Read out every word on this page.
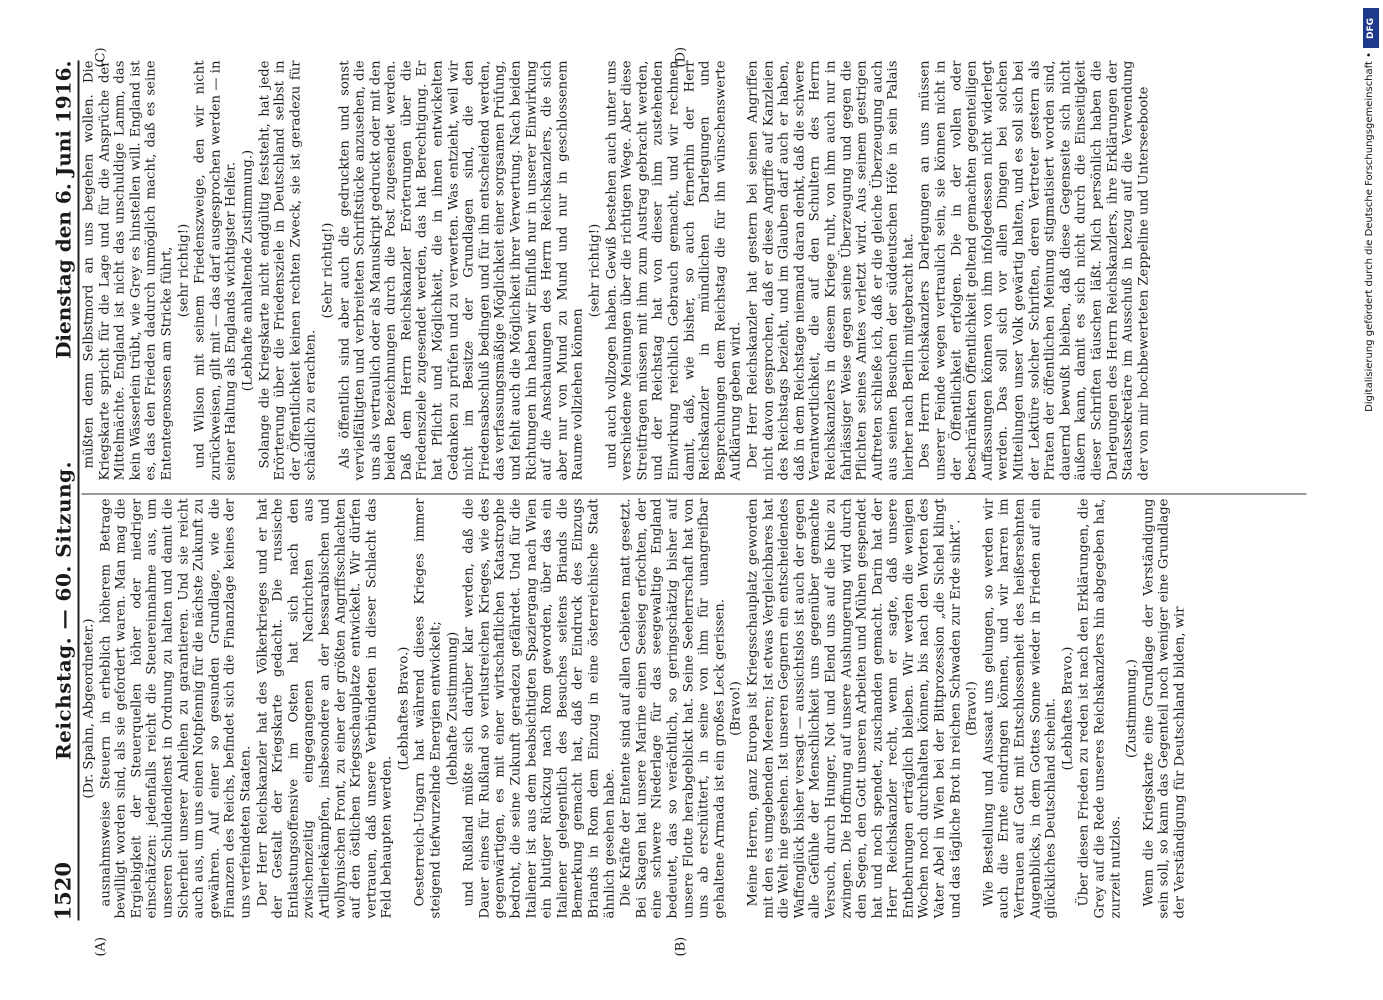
1520
Reichstag. — 60. Sitzung.
Dienstag den 6. Juni 1916.
(A)	(B)
(C)	(D)

(Dr. Spahn, Abgeordneter.) ausnahmsweise Steuern in erheblich höherem Betrage bewilligt worden sind, als sie gefordert waren. Man mag die Ergiebigkeit der Steuerquellen höher oder niedriger einschätzen: jedenfalls reicht die Steuereinnahme aus, um unseren Schuldendienst in Ordnung zu halten und damit die Sicherheit unserer Anleihen zu garantieren. Und sie reicht auch aus, um uns einen Notpfennig für die nächste Zukunft zu gewähren. Auf einer so gesunden Grundlage, wie die Finanzen des Reichs, befindet sich die Finanzlage keines der uns verfeindeten Staaten. Der Herr Reichskanzler hat des Völkerkrieges und er hat der Gestalt der Kriegskarte gedacht. Die russische Entlastungsoffensive im Osten hat sich nach den zwischenzeitig eingegangenen Nachrichten aus Artilleriekämpfen, insbesondere an der bessarabischen und wolhynischen Front, zu einer der größten Angriffsschlachten auf den östlichen Kriegsschauplatze entwickelt. Wir dürfen vertrauen, daß unsere Verbündeten in dieser Schlacht das Feld behaupten werden.

(Lebhaftes Bravo.) Oesterreich-Ungarn hat während dieses Krieges immer steigend tiefwurzelnde Energien entwickelt; (lebhafte Zustimmung) und Rußland müßte sich darüber klar werden, daß die Dauer eines für Rußland so verlustreichen Krieges, wie des gegenwärtigen, es mit einer wirtschaftlichen Katastrophe bedroht, die seine Zukunft geradezu gefährdet. Und für die Italiener ist aus dem beabsichtigten Spaziergang nach Wien ein blutiger Rückzug nach Rom geworden, über das ein Italiener gelegentlich des Besuches seitens Briands die Bemerkung gemacht hat, daß der Eindruck des Einzugs Briands in Rom dem Einzug in eine österreichische Stadt ähnlich gesehen habe. Die Kräfte der Entente sind auf allen Gebieten matt gesetzt. Bei Skagen hat unsere Marine einen Seesieg erfochten, der eine schwere Niederlage für das seegewaltige England bedeutet, das so verächtlich, so geringschätzig bisher auf unsere Flotte herabgeblickt hat. Seine Seeherrschaft hat von uns ab erschüttert, in seine von ihm für unangreifbar gehaltene Armada ist ein großes Leck gerissen. (Bravo!) Meine Herren, ganz Europa ist Kriegsschauplatz geworden mit den es umgebenden Meeren; Ist etwas Vergleichbares hat die Welt nie gesehen. Ist unseren Gegnern ein entscheidendes Waffenglück bisher versagt — aussichtslos ist auch der gegen alle Gefühle der Menschlichkeit uns gegenüber gemachte Versuch, durch Hunger, Not und Elend uns auf die Knie zu zwingen. Die Hoffnung auf unsere Aushungerung wird durch den Segen, den Gott unseren Arbeiten und Mühen gespendet hat und noch spendet, zuschanden gemacht. Darin hat der Herr Reichskanzler recht, wenn er sagte, daß unsere Entbehrungen erträglich bleiben. Wir werden die wenigen Wochen noch durchhalten können, bis nach den Worten des Vater Abel in Wien bei der Bittprozession „die Sichel klingt und das tägliche Brot in reichen Schwaden zur Erde sinkt“. (Bravo!) Wie Bestellung und Aussaat uns gelungen, so werden wir auch die Ernte eindringen können, und wir harren im Vertrauen auf Gott mit Entschlossenheit des heißersehnten Augenblicks, in dem Gottes Sonne wieder in Frieden auf ein glückliches Deutschland scheint. (Lebhaftes Bravo.) Über diesen Frieden zu reden ist nach den Erklärungen, die Grey auf die Rede unseres Reichskanzlers hin abgegeben hat, zurzeit nutzlos.

(Zustimmung.) Wenn die Kriegskarte eine Grundlage der Verständigung sein soll, so kann das Gegenteil noch weniger eine Grundlage der Verständigung für Deutschland bilden, wir

müßten denn Selbstmord an uns begehen wollen. Die Kriegskarte spricht für die Lage und für die Ansprüche der Mittelmächte. England ist nicht das unschuldige Lamm, das kein Wässerlein trübt, wie Grey es hinstellen will. England ist es, das den Frieden dadurch unmöglich macht, daß es seine Ententegenossen am Stricke führt, (sehr richtig!) und Wilson mit seinem Friedenszweige, den wir nicht zurückweisen, gilt mit — das darf ausgesprochen werden — in seiner Haltung als Englands wichtigster Helfer. (Lebhafte anhaltende Zustimmung.) Solange die Kriegskarte nicht endgültig feststeht, hat jede Erörterung über die Friedensziele in Deutschland selbst in der Öffentlichkeit keinen rechten Zweck, sie ist geradezu für schädlich zu erachten.

(Sehr richtig!) Als öffentlich sind aber auch die gedruckten und sonst vervielfältigten und verbreiteten Schriftstücke anzusehen, die uns als vertraulich oder als Manuskript gedruckt oder mit den beiden Bezeichnungen durch die Post zugesendet werden. Daß dem Herrn Reichskanzler Erörterungen über die Friedensziele zugesendet werden, das hat Berechtigung. Er hat Pflicht und Möglichkeit, die in ihnen entwickelten Gedanken zu prüfen und zu verwerten. Was entzieht, weil wir nicht im Besitze der Grundlagen sind, die den Friedensabschluß bedingen und für ihn entscheidend werden, das verfassungsmäßige Möglichkeit einer sorgsamen Prüfung, und fehlt auch die Möglichkeit ihrer Verwertung. Nach beiden Richtungen hin haben wir Einfluß nur in unserer Einwirkung auf die Anschauungen des Herrn Reichskanzlers, die sich aber nur von Mund zu Mund und nur in geschlossenem Raume vollziehen können

(sehr richtig!) und auch vollzogen haben. Gewiß bestehen auch unter uns verschiedene Meinungen über die richtigen Wege. Aber diese Streitfragen müssen mit ihm zum Austrag gebracht werden, und der Reichstag hat von dieser ihm zustehenden Einwirkung reichlich Gebrauch gemacht, und wir rechnen damit, daß, wie bisher, so auch fernerhin der Herr Reichskanzler in mündlichen Darlegungen und Besprechungen dem Reichstag die für ihn wünschenswerte Aufklärung geben wird. Der Herr Reichskanzler hat gestern bei seinen Angriffen nicht davon gesprochen, daß er diese Angriffe auf Kanzleien des Reichstags bezieht, und im Glauben darf auch er haben, daß in dem Reichstage niemand daran denkt, daß die schwere Verantwortlichkeit, die auf den Schultern des Herrn Reichskanzlers in diesem Kriege ruht, von ihm auch nur in fahrlässiger Weise gegen seine Überzeugung und gegen die Pflichten seines Amtes verletzt wird. Aus seinem gestrigen Auftreten schließe ich, daß er die gleiche Überzeugung auch aus seinen Besuchen der süddeutschen Höfe in sein Palais hierher nach Berlin mitgebracht hat. Des Herrn Reichskanzlers Darlegungen an uns müssen unserer Feinde wegen vertraulich sein, sie können nicht in der Öffentlichkeit erfolgen. Die in der vollen oder beschränkten Öffentlichkeit geltend gemachten gegenteiligen Auffassungen können von ihm infolgedessen nicht widerlegt werden. Das soll sich vor allen Dingen bei solchen Mitteilungen unser Volk gewärtig halten, und es soll sich bei der Lektüre solcher Schriften, deren Vertreter gestern als Piraten der öffentlichen Meinung stigmatisiert worden sind, dauernd bewußt bleiben, daß diese Gegenseite sich nicht äußern kann, damit es sich nicht durch die Einseitigkeit dieser Schriften täuschen läßt. Mich persönlich haben die Darlegungen des Herrn Reichskanzlers, ihre Erklärungen der Staatssekretäre im Ausschuß in bezug auf die Verwendung der von mir hochbewerteten Zeppeline und Unterseeboote

DFG
Digitalisierung gefördert durch die Deutsche Forschungsgemeinschaft •
